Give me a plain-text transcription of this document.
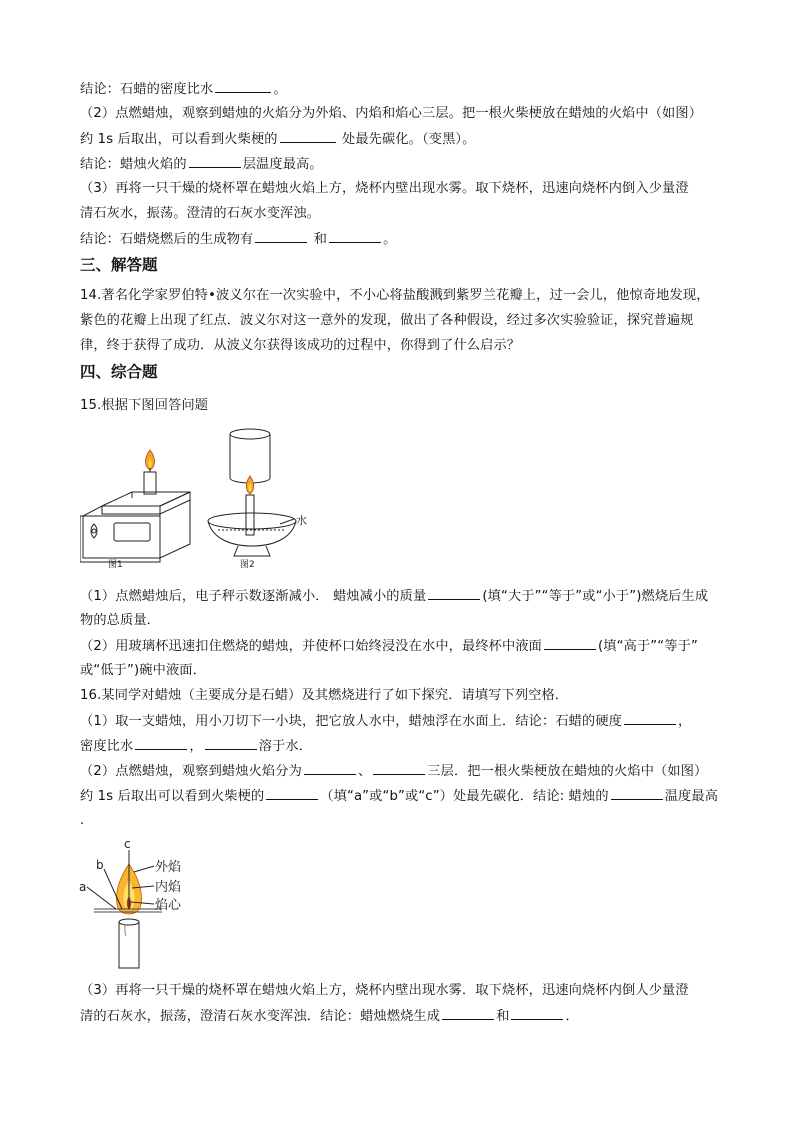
结论：石蜡的密度比水	。
（2）点燃蜡烛，观察到蜡烛的火焰分为外焰、内焰和焰心三层。把一根火柴梗放在蜡烛的火焰中（如图）
约 1s 后取出，可以看到火柴梗的	处最先碳化。（变黑）。
结论：蜡烛火焰的	层温度最高。
（3）再将一只干燥的烧杯罩在蜡烛火焰上方，烧杯内壁出现水雾。取下烧杯，迅速向烧杯内倒入少量澄
清石灰水，振荡。澄清的石灰水变浑浊。
结论：石蜡烧燃后的生成物有	和	。
三、解答题
14.著名化学家罗伯特•波义尔在一次实验中，不小心将盐酸溅到紫罗兰花瓣上，过一会儿，他惊奇地发现，
紫色的花瓣上出现了红点．波义尔对这一意外的发现，做出了各种假设，经过多次实验验证，探究普遍规
律，终于获得了成功．从波义尔获得该成功的过程中，你得到了什么启示？
四、综合题
15.根据下图回答问题
图1
水
图2
（1）点燃蜡烛后，电子秤示数逐渐减小． 蜡烛减小的质量	(填“大于”“等于”或“小于”)燃烧后生成
物的总质量．
（2）用玻璃杯迅速扣住燃烧的蜡烛，并使杯口始终浸没在水中，最终杯中液面	(填“高于”“等于”
或“低于”)碗中液面．
16.某同学对蜡烛（主要成分是石蜡）及其燃烧进行了如下探究．请填写下列空格．
（1）取一支蜡烛，用小刀切下一小块，把它放人水中，蜡烛浮在水面上．结论：石蜡的硬度	，
密度比水	，	溶于水．
（2）点燃蜡烛，观察到蜡烛火焰分为	、	三层．把一根火柴梗放在蜡烛的火焰中（如图）
约 1s 后取出可以看到火柴梗的	（填“a”或“b”或“c”）处最先碳化．结论: 蜡烛的	温度最高
.
a
b
c
外焰
内焰
焰心
（3）再将一只干燥的烧杯罩在蜡烛火焰上方，烧杯内壁出现水雾．取下烧杯，迅速向烧杯内倒人少量澄
清的石灰水，振荡，澄清石灰水变浑浊．结论：蜡烛燃烧生成	和	．
